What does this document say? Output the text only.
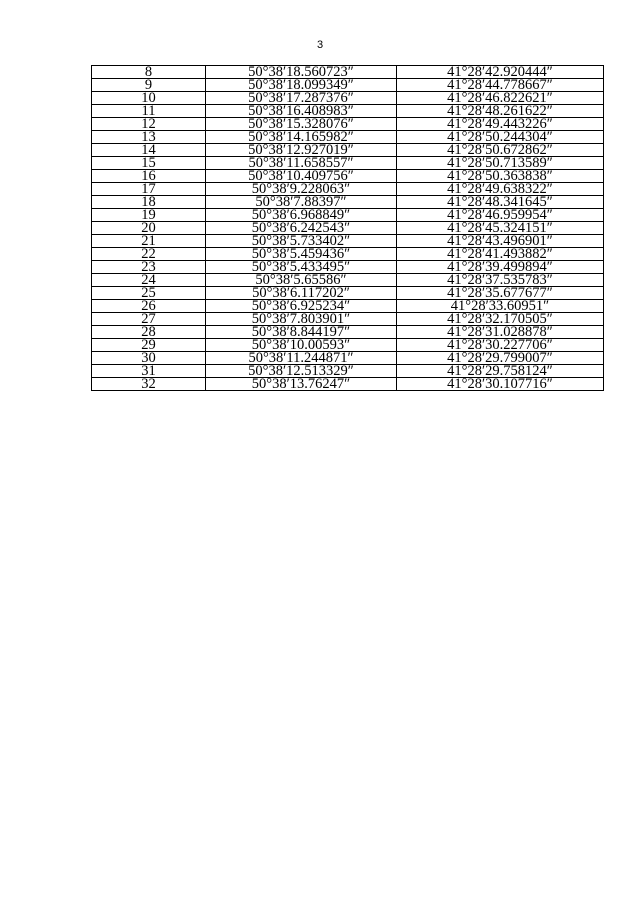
3
8	50°38′18.560723″	41°28′42.920444″
9	50°38′18.099349″	41°28′44.778667″
10	50°38′17.287376″	41°28′46.822621″
11	50°38′16.408983″	41°28′48.261622″
12	50°38′15.328076″	41°28′49.443226″
13	50°38′14.165982″	41°28′50.244304″
14	50°38′12.927019″	41°28′50.672862″
15	50°38′11.658557″	41°28′50.713589″
16	50°38′10.409756″	41°28′50.363838″
17	50°38′9.228063″	41°28′49.638322″
18	50°38′7.88397″	41°28′48.341645″
19	50°38′6.968849″	41°28′46.959954″
20	50°38′6.242543″	41°28′45.324151″
21	50°38′5.733402″	41°28′43.496901″
22	50°38′5.459436″	41°28′41.493882″
23	50°38′5.433495″	41°28′39.499894″
24	50°38′5.65586″	41°28′37.535783″
25	50°38′6.117202″	41°28′35.677677″
26	50°38′6.925234″	41°28′33.60951″
27	50°38′7.803901″	41°28′32.170505″
28	50°38′8.844197″	41°28′31.028878″
29	50°38′10.00593″	41°28′30.227706″
30	50°38′11.244871″	41°28′29.799007″
31	50°38′12.513329″	41°28′29.758124″
32	50°38′13.76247″	41°28′30.107716″
